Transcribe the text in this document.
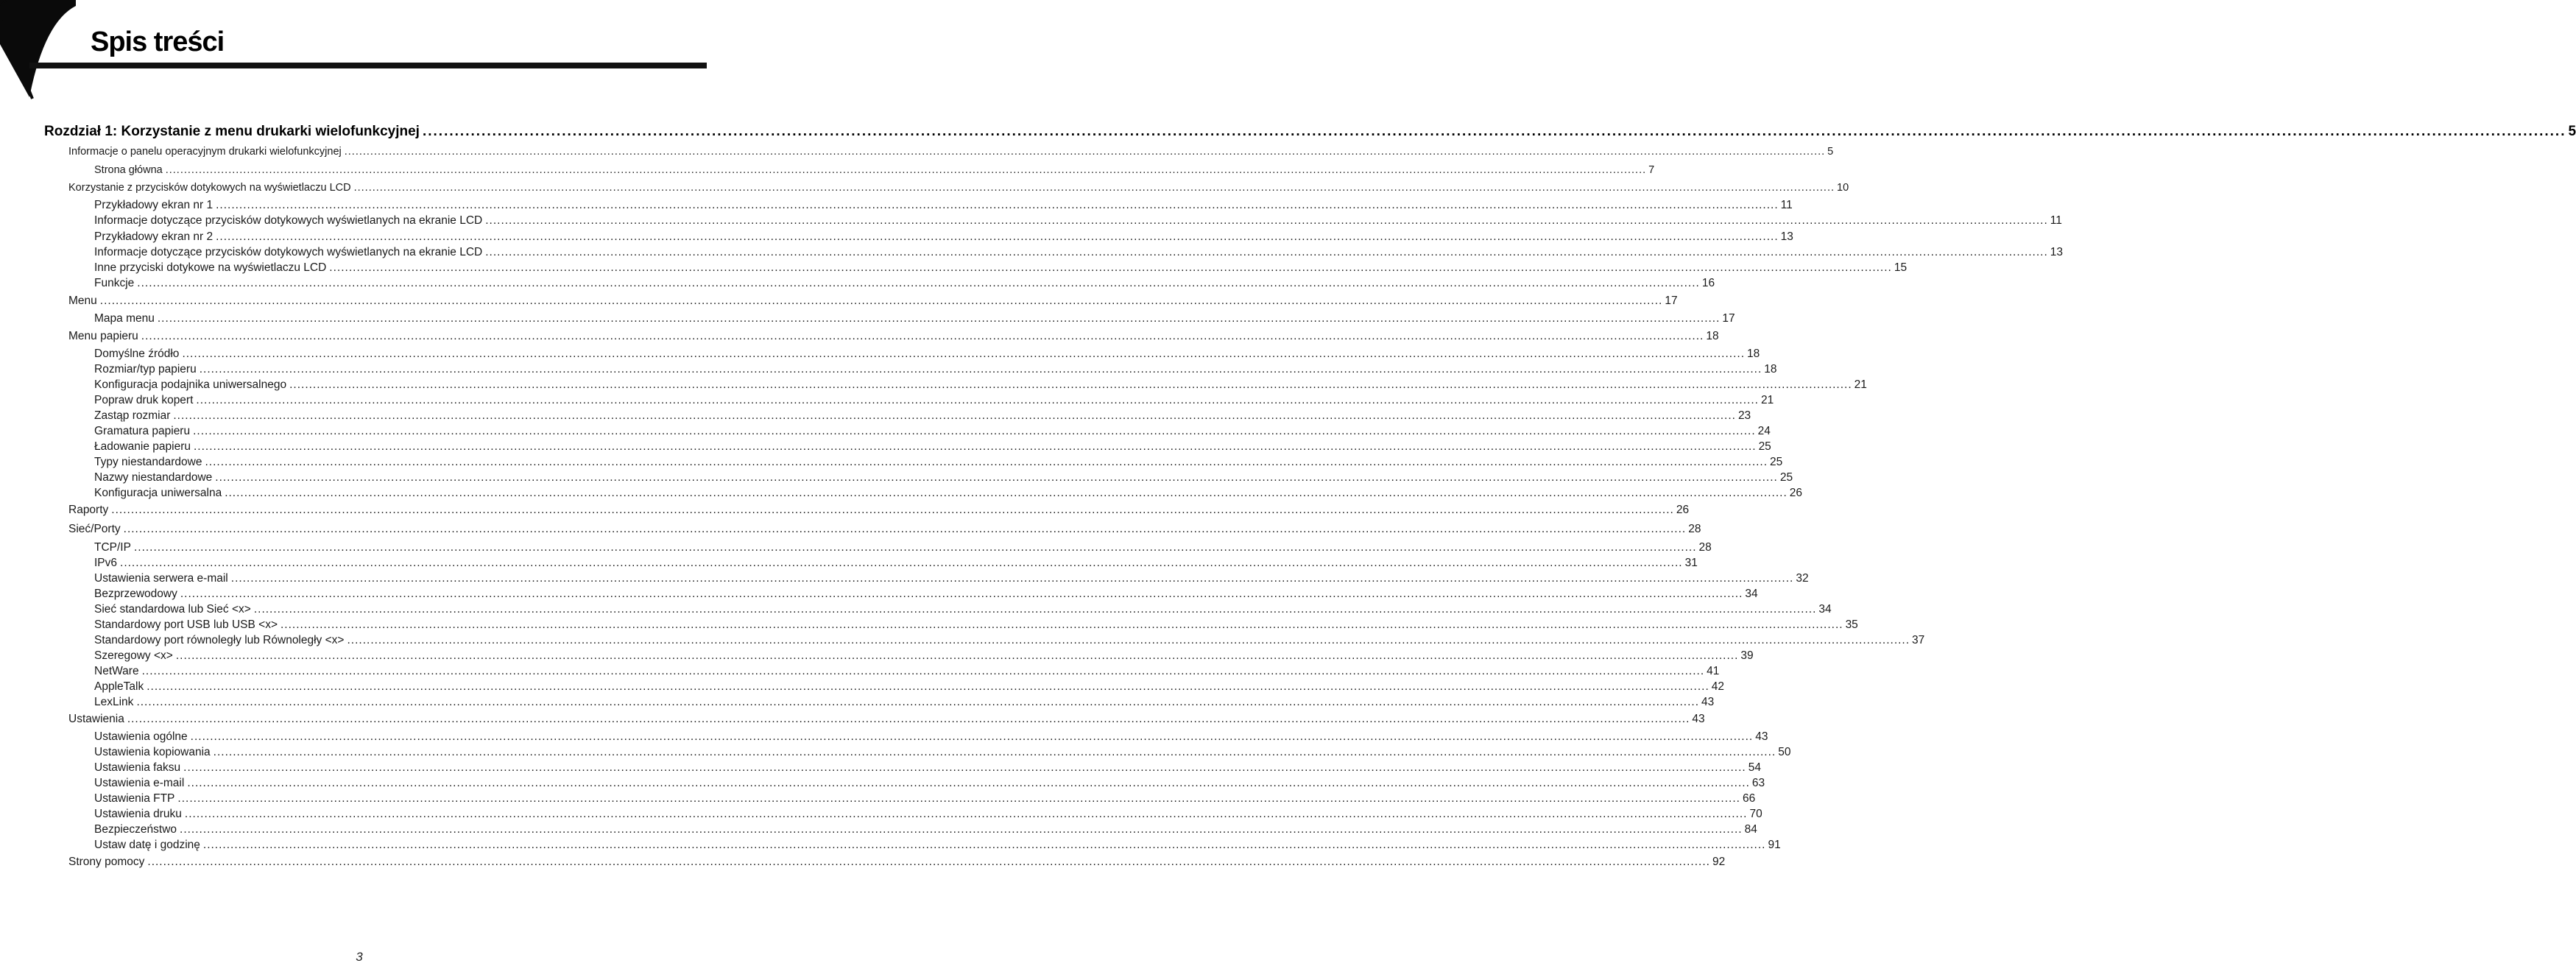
Spis treści
Rozdział 1: Korzystanie z menu drukarki wielofunkcyjnej ................................................................................................................................................................................................................................................................................................................................................................................................................ 5
Informacje o panelu operacyjnym drukarki wielofunkcyjnej ................................................................................................................................................................................................................................................................................................................................................................................................................ 5
Strona główna ................................................................................................................................................................................................................................................................................................................................................................................................................ 7
Korzystanie z przycisków dotykowych na wyświetlaczu LCD ................................................................................................................................................................................................................................................................................................................................................................................................................ 10
Przykładowy ekran nr 1 ................................................................................................................................................................................................................................................................................................................................................................................................................ 11
Informacje dotyczące przycisków dotykowych wyświetlanych na ekranie LCD ................................................................................................................................................................................................................................................................................................................................................................................................................ 11
Przykładowy ekran nr 2 ................................................................................................................................................................................................................................................................................................................................................................................................................ 13
Informacje dotyczące przycisków dotykowych wyświetlanych na ekranie LCD ................................................................................................................................................................................................................................................................................................................................................................................................................ 13
Inne przyciski dotykowe na wyświetlaczu LCD ................................................................................................................................................................................................................................................................................................................................................................................................................ 15
Funkcje ................................................................................................................................................................................................................................................................................................................................................................................................................ 16
Menu ................................................................................................................................................................................................................................................................................................................................................................................................................ 17
Mapa menu ................................................................................................................................................................................................................................................................................................................................................................................................................ 17
Menu papieru ................................................................................................................................................................................................................................................................................................................................................................................................................ 18
Domyślne źródło ................................................................................................................................................................................................................................................................................................................................................................................................................ 18
Rozmiar/typ papieru ................................................................................................................................................................................................................................................................................................................................................................................................................ 18
Konfiguracja podajnika uniwersalnego ................................................................................................................................................................................................................................................................................................................................................................................................................ 21
Popraw druk kopert ................................................................................................................................................................................................................................................................................................................................................................................................................ 21
Zastąp rozmiar ................................................................................................................................................................................................................................................................................................................................................................................................................ 23
Gramatura papieru ................................................................................................................................................................................................................................................................................................................................................................................................................ 24
Ładowanie papieru ................................................................................................................................................................................................................................................................................................................................................................................................................ 25
Typy niestandardowe ................................................................................................................................................................................................................................................................................................................................................................................................................ 25
Nazwy niestandardowe ................................................................................................................................................................................................................................................................................................................................................................................................................ 25
Konfiguracja uniwersalna ................................................................................................................................................................................................................................................................................................................................................................................................................ 26
Raporty ................................................................................................................................................................................................................................................................................................................................................................................................................ 26
Sieć/Porty ................................................................................................................................................................................................................................................................................................................................................................................................................ 28
TCP/IP ................................................................................................................................................................................................................................................................................................................................................................................................................ 28
IPv6 ................................................................................................................................................................................................................................................................................................................................................................................................................ 31
Ustawienia serwera e-mail ................................................................................................................................................................................................................................................................................................................................................................................................................ 32
Bezprzewodowy ................................................................................................................................................................................................................................................................................................................................................................................................................ 34
Sieć standardowa lub Sieć <x> ................................................................................................................................................................................................................................................................................................................................................................................................................ 34
Standardowy port USB lub USB <x> ................................................................................................................................................................................................................................................................................................................................................................................................................ 35
Standardowy port równoległy lub Równoległy <x> ................................................................................................................................................................................................................................................................................................................................................................................................................ 37
Szeregowy <x> ................................................................................................................................................................................................................................................................................................................................................................................................................ 39
NetWare ................................................................................................................................................................................................................................................................................................................................................................................................................ 41
AppleTalk ................................................................................................................................................................................................................................................................................................................................................................................................................ 42
LexLink ................................................................................................................................................................................................................................................................................................................................................................................................................ 43
Ustawienia ................................................................................................................................................................................................................................................................................................................................................................................................................ 43
Ustawienia ogólne ................................................................................................................................................................................................................................................................................................................................................................................................................ 43
Ustawienia kopiowania ................................................................................................................................................................................................................................................................................................................................................................................................................ 50
Ustawienia faksu ................................................................................................................................................................................................................................................................................................................................................................................................................ 54
Ustawienia e-mail ................................................................................................................................................................................................................................................................................................................................................................................................................ 63
Ustawienia FTP ................................................................................................................................................................................................................................................................................................................................................................................................................ 66
Ustawienia druku ................................................................................................................................................................................................................................................................................................................................................................................................................ 70
Bezpieczeństwo ................................................................................................................................................................................................................................................................................................................................................................................................................ 84
Ustaw datę i godzinę ................................................................................................................................................................................................................................................................................................................................................................................................................ 91
Strony pomocy ................................................................................................................................................................................................................................................................................................................................................................................................................ 92
3
